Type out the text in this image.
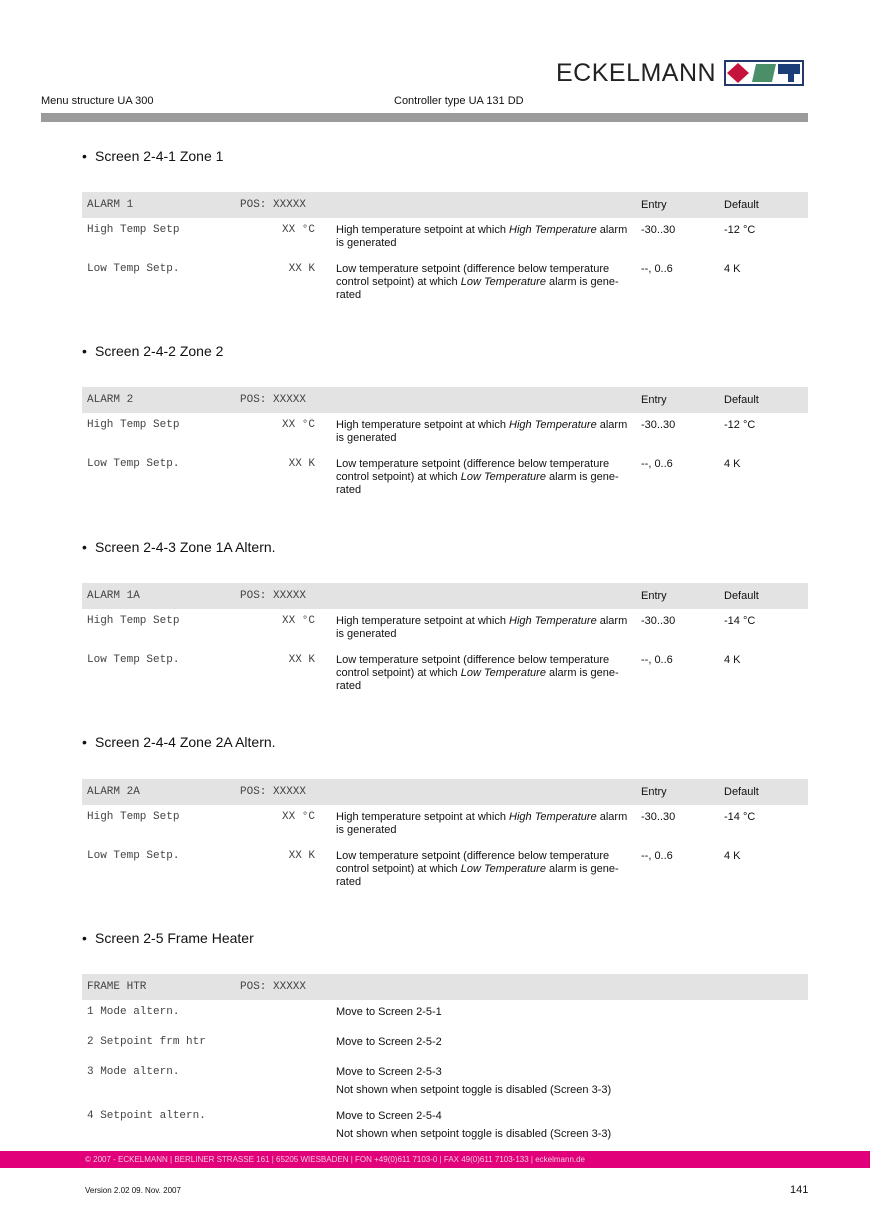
ECKELMANN
Menu structure UA 300	Controller type UA 131 DD
• Screen 2-4-1 Zone 1
ALARM 1	POS: XXXXX		Entry	Default
High Temp Setp	XX °C	High temperature setpoint at which High Temperature alarm is generated	-30..30	-12 °C
Low Temp Setp.	XX K	Low temperature setpoint (difference below temperature control setpoint) at which Low Temperature alarm is gene-rated	--, 0..6	4 K
• Screen 2-4-2 Zone 2
ALARM 2	POS: XXXXX		Entry	Default
High Temp Setp	XX °C	High temperature setpoint at which High Temperature alarm is generated	-30..30	-12 °C
Low Temp Setp.	XX K	Low temperature setpoint (difference below temperature control setpoint) at which Low Temperature alarm is gene-rated	--, 0..6	4 K
• Screen 2-4-3 Zone 1A Altern.
ALARM 1A	POS: XXXXX		Entry	Default
High Temp Setp	XX °C	High temperature setpoint at which High Temperature alarm is generated	-30..30	-14 °C
Low Temp Setp.	XX K	Low temperature setpoint (difference below temperature control setpoint) at which Low Temperature alarm is gene-rated	--, 0..6	4 K
• Screen 2-4-4 Zone 2A Altern.
ALARM 2A	POS: XXXXX		Entry	Default
High Temp Setp	XX °C	High temperature setpoint at which High Temperature alarm is generated	-30..30	-14 °C
Low Temp Setp.	XX K	Low temperature setpoint (difference below temperature control setpoint) at which Low Temperature alarm is gene-rated	--, 0..6	4 K
• Screen 2-5 Frame Heater
FRAME HTR	POS: XXXXX	
1 Mode altern.		Move to Screen 2-5-1

2 Setpoint frm htr		Move to Screen 2-5-2

3 Mode altern.		Move to Screen 2-5-3
Not shown when setpoint toggle is disabled (Screen 3-3)

4 Setpoint altern.		Move to Screen 2-5-4
Not shown when setpoint toggle is disabled (Screen 3-3)
© 2007 - ECKELMANN | BERLINER STRASSE 161 | 65205 WIESBADEN | FON +49(0)611 7103-0 | FAX 49(0)611 7103-133 | eckelmann.de
Version 2.02 09. Nov. 2007	141
